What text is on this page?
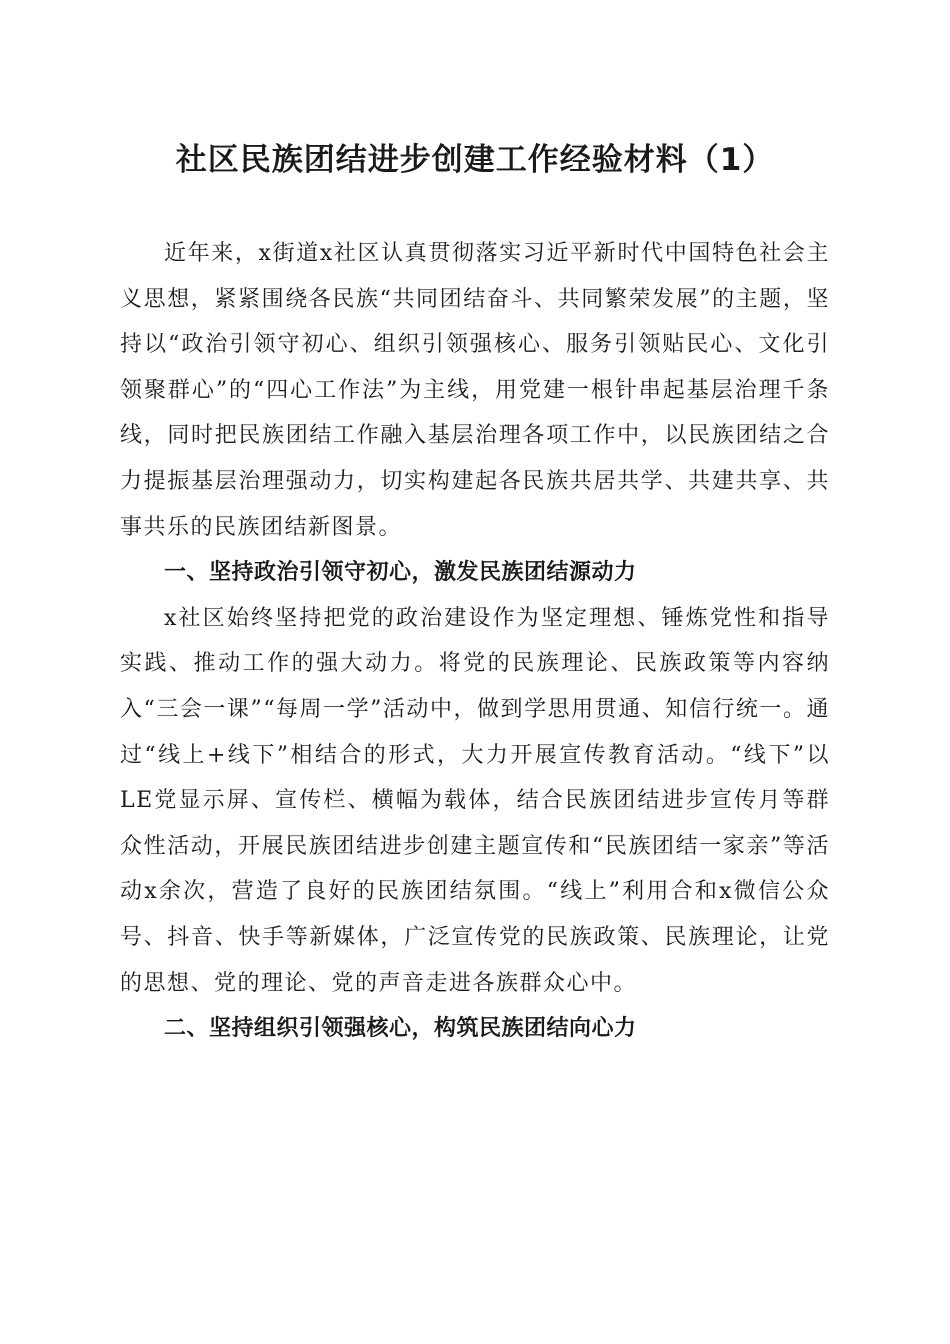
社区民族团结进步创建工作经验材料（1）

近年来，x街道x社区认真贯彻落实习近平新时代中国特色社会主义思想，紧紧围绕各民族“共同团结奋斗、共同繁荣发展”的主题，坚持以“政治引领守初心、组织引领强核心、服务引领贴民心、文化引领聚群心”的“四心工作法”为主线，用党建一根针串起基层治理千条线，同时把民族团结工作融入基层治理各项工作中，以民族团结之合力提振基层治理强动力，切实构建起各民族共居共学、共建共享、共事共乐的民族团结新图景。

一、坚持政治引领守初心，激发民族团结源动力

x社区始终坚持把党的政治建设作为坚定理想、锤炼党性和指导实践、推动工作的强大动力。将党的民族理论、民族政策等内容纳入“三会一课”“每周一学”活动中，做到学思用贯通、知信行统一。通过“线上+线下”相结合的形式，大力开展宣传教育活动。“线下”以LE党显示屏、宣传栏、横幅为载体，结合民族团结进步宣传月等群众性活动，开展民族团结进步创建主题宣传和“民族团结一家亲”等活动x余次，营造了良好的民族团结氛围。“线上”利用合和x微信公众号、抖音、快手等新媒体，广泛宣传党的民族政策、民族理论，让党的思想、党的理论、党的声音走进各族群众心中。

二、坚持组织引领强核心，构筑民族团结向心力
